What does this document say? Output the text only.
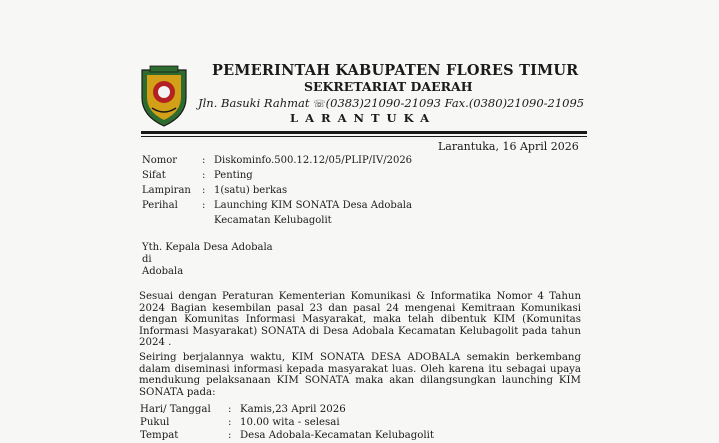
PEMERINTAH KABUPATEN FLORES TIMUR
SEKRETARIAT DAERAH
Jln. Basuki Rahmat ☏(0383)21090-21093 Fax.(0380)21090-21095
LARANTUKA
Larantuka, 16 April 2026
Nomor : Diskominfo.500.12.12/05/PLIP/IV/2026
Sifat	: Penting
Lampiran : 1(satu) berkas
Perihal : Launching KIM SONATA Desa Adobala
Kecamatan Kelubagolit
Yth. Kepala Desa Adobala
di
Adobala
Sesuai dengan Peraturan Kementerian Komunikasi & Informatika Nomor 4 Tahun 2024 Bagian kesembilan pasal 23 dan pasal 24 mengenai Kemitraan Komunikasi dengan Komunitas Informasi Masyarakat, maka telah dibentuk KIM (Komunitas Informasi Masyarakat) SONATA di Desa Adobala Kecamatan Kelubagolit pada tahun 2024 .
Seiring berjalannya waktu, KIM SONATA DESA ADOBALA semakin berkembang dalam diseminasi informasi kepada masyarakat luas. Oleh karena itu sebagai upaya mendukung pelaksanaan KIM SONATA maka akan dilangsungkan launching KIM SONATA pada:
Hari/ Tanggal : Kamis,23 April 2026
Pukul	: 10.00 wita - selesai
Tempat	: Desa Adobala-Kecamatan Kelubagolit
